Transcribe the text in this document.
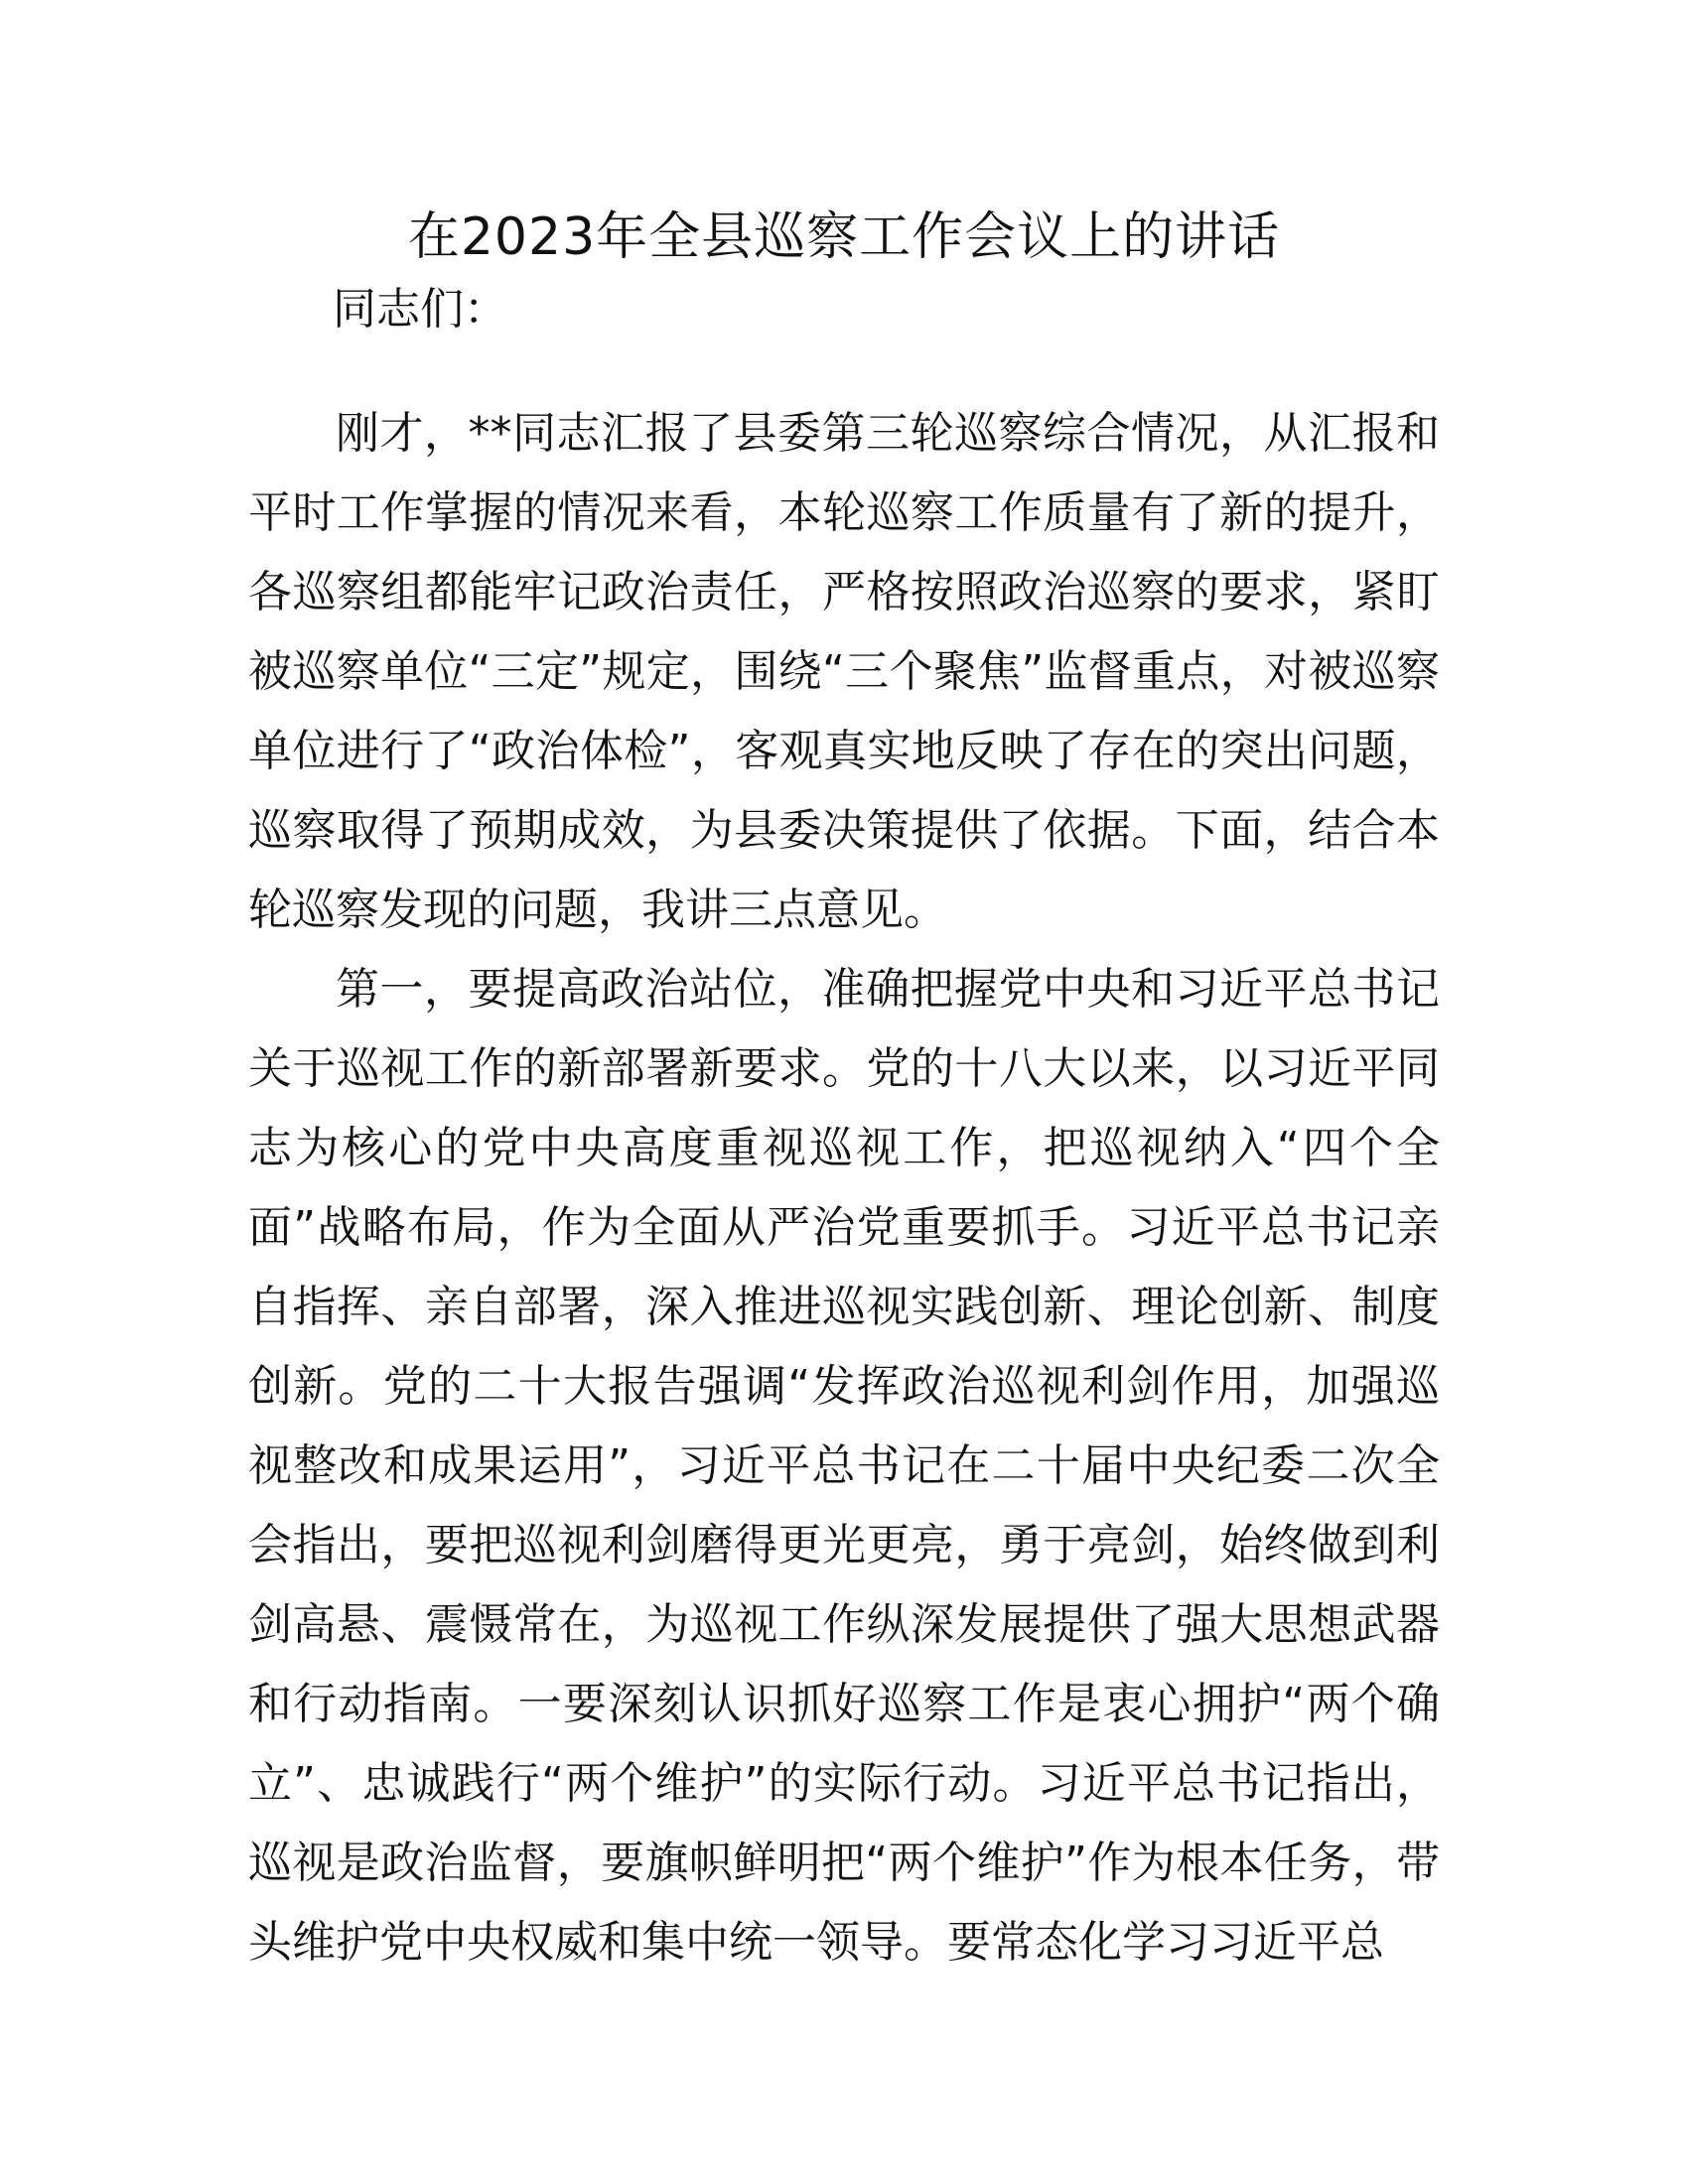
在2023年全县巡察工作会议上的讲话
同志们：

刚才，**同志汇报了县委第三轮巡察综合情况，从汇报和平时工作掌握的情况来看，本轮巡察工作质量有了新的提升，各巡察组都能牢记政治责任，严格按照政治巡察的要求，紧盯被巡察单位“三定”规定，围绕“三个聚焦”监督重点，对被巡察单位进行了“政治体检”，客观真实地反映了存在的突出问题，巡察取得了预期成效，为县委决策提供了依据。下面，结合本轮巡察发现的问题，我讲三点意见。

第一，要提高政治站位，准确把握党中央和习近平总书记关于巡视工作的新部署新要求。党的十八大以来，以习近平同志为核心的党中央高度重视巡视工作，把巡视纳入“四个全面”战略布局，作为全面从严治党重要抓手。习近平总书记亲自指挥、亲自部署，深入推进巡视实践创新、理论创新、制度创新。党的二十大报告强调“发挥政治巡视利剑作用，加强巡视整改和成果运用”，习近平总书记在二十届中央纪委二次全会指出，要把巡视利剑磨得更光更亮，勇于亮剑，始终做到利剑高悬、震慑常在，为巡视工作纵深发展提供了强大思想武器和行动指南。一要深刻认识抓好巡察工作是衷心拥护“两个确立”、忠诚践行“两个维护”的实际行动。习近平总书记指出，巡视是政治监督，要旗帜鲜明把“两个维护”作为根本任务，带头维护党中央权威和集中统一领导。要常态化学习习近平总
